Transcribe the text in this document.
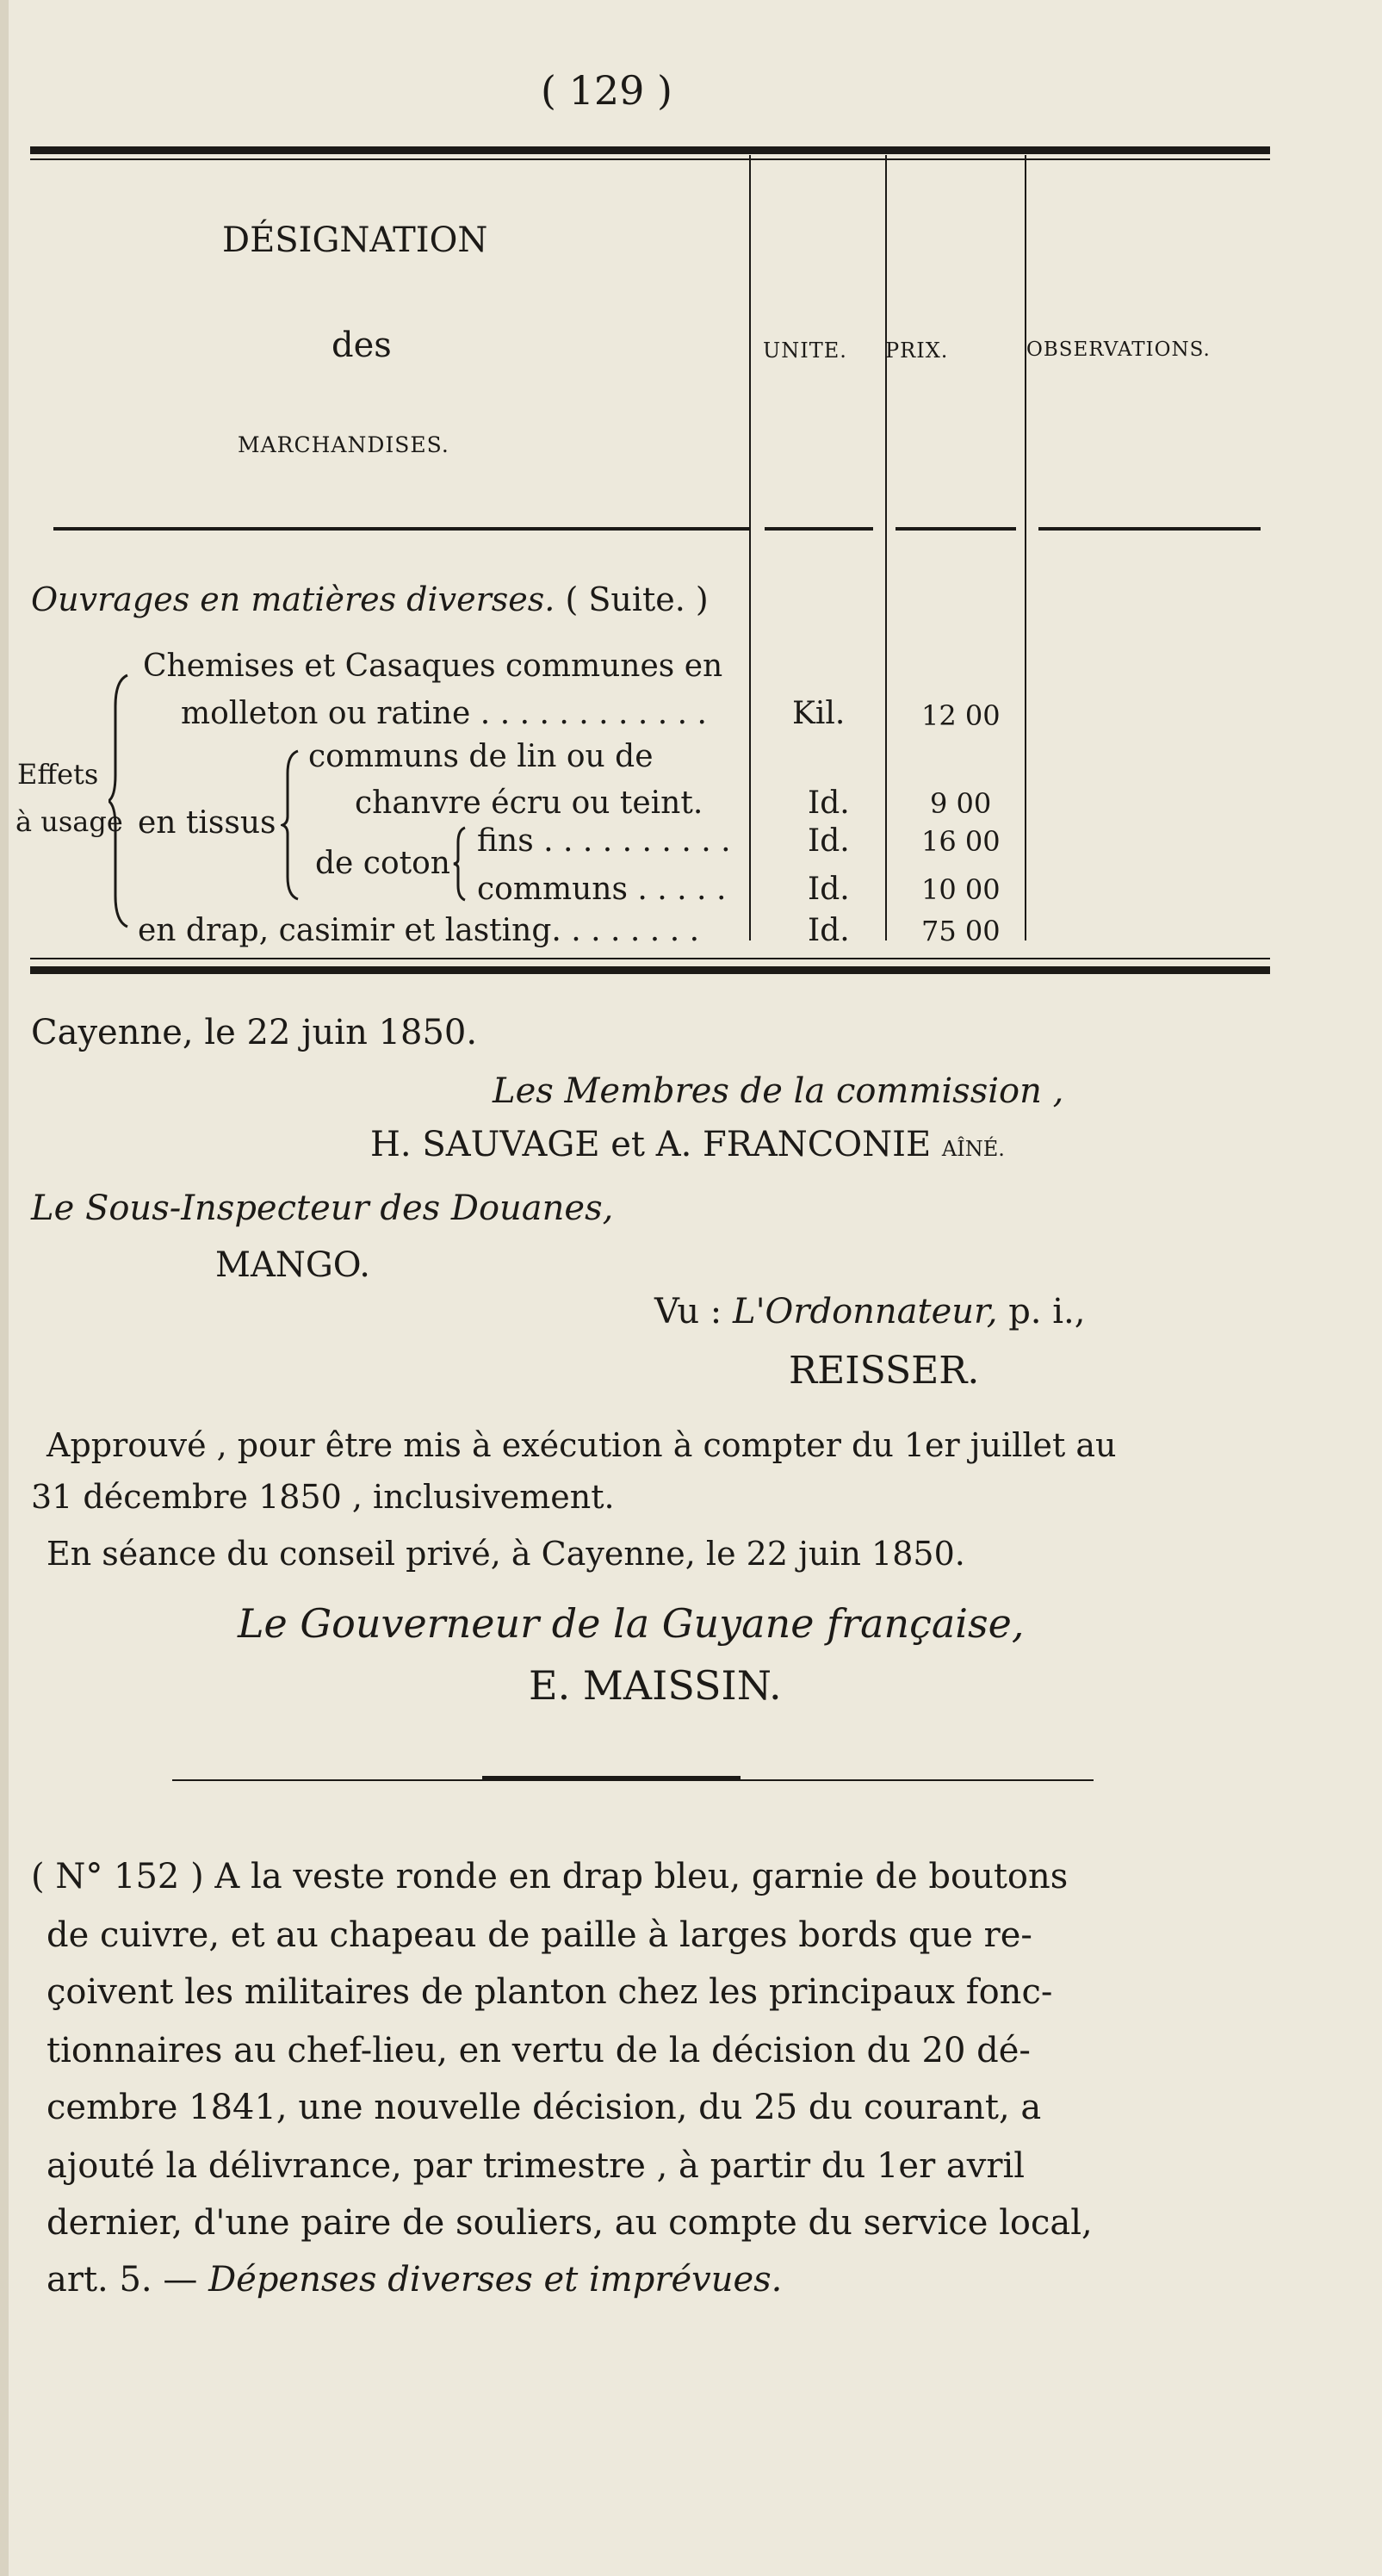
( 129 )
DÉSIGNATION
des
MARCHANDISES.
UNITE. PRIX.	OBSERVATIONS.
Ouvrages en matières diverses. ( Suite. )
Chemises et Casaques communes en
molleton ou ratine . . . . . . . . . . . .	Kil.	12 00
Effets
à usage en tissus
communs de lin ou de
chanvre écru ou teint.	Id.	9 00
de coton
fins . . . . . . . . . . Id.	16 00
communs . . . . .	Id.	10 00
en drap, casimir et lasting. . . . . . . .	Id.	75 00
Cayenne, le 22 juin 1850.
Les Membres de la commission ,
H. SAUVAGE et A. FRANCONIE AÎNÉ.
Le Sous-Inspecteur des Douanes,
MANGO.
Vu : L'Ordonnateur, p. i.,
REISSER.
Approuvé , pour être mis à exécution à compter du 1er juillet au
31 décembre 1850 , inclusivement.
En séance du conseil privé, à Cayenne, le 22 juin 1850.
Le Gouverneur de la Guyane française,
E. MAISSIN.
( N° 152 ) A la veste ronde en drap bleu, garnie de boutons
de cuivre, et au chapeau de paille à larges bords que re-
çoivent les militaires de planton chez les principaux fonc-
tionnaires au chef-lieu, en vertu de la décision du 20 dé-
cembre 1841, une nouvelle décision, du 25 du courant, a
ajouté la délivrance, par trimestre , à partir du 1er avril
dernier, d'une paire de souliers, au compte du service local,
art. 5. — Dépenses diverses et imprévues.
